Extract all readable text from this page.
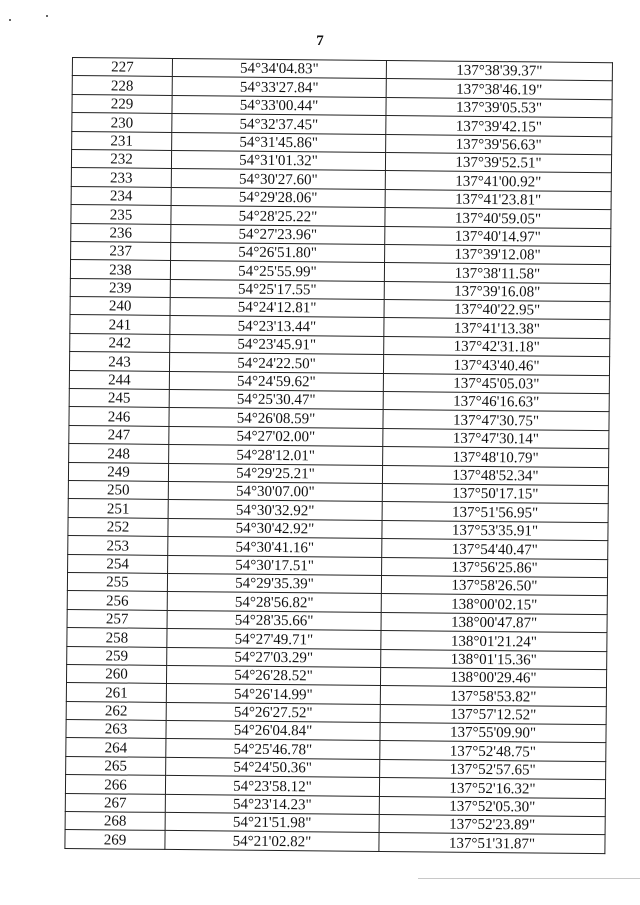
7
227	54°34'04.83"	137°38'39.37"
228	54°33'27.84"	137°38'46.19"
229	54°33'00.44"	137°39'05.53"
230	54°32'37.45"	137°39'42.15"
231	54°31'45.86"	137°39'56.63"
232	54°31'01.32"	137°39'52.51"
233	54°30'27.60"	137°41'00.92"
234	54°29'28.06"	137°41'23.81"
235	54°28'25.22"	137°40'59.05"
236	54°27'23.96"	137°40'14.97"
237	54°26'51.80"	137°39'12.08"
238	54°25'55.99"	137°38'11.58"
239	54°25'17.55"	137°39'16.08"
240	54°24'12.81"	137°40'22.95"
241	54°23'13.44"	137°41'13.38"
242	54°23'45.91"	137°42'31.18"
243	54°24'22.50"	137°43'40.46"
244	54°24'59.62"	137°45'05.03"
245	54°25'30.47"	137°46'16.63"
246	54°26'08.59"	137°47'30.75"
247	54°27'02.00"	137°47'30.14"
248	54°28'12.01"	137°48'10.79"
249	54°29'25.21"	137°48'52.34"
250	54°30'07.00"	137°50'17.15"
251	54°30'32.92"	137°51'56.95"
252	54°30'42.92"	137°53'35.91"
253	54°30'41.16"	137°54'40.47"
254	54°30'17.51"	137°56'25.86"
255	54°29'35.39"	137°58'26.50"
256	54°28'56.82"	138°00'02.15"
257	54°28'35.66"	138°00'47.87"
258	54°27'49.71"	138°01'21.24"
259	54°27'03.29"	138°01'15.36"
260	54°26'28.52"	138°00'29.46"
261	54°26'14.99"	137°58'53.82"
262	54°26'27.52"	137°57'12.52"
263	54°26'04.84"	137°55'09.90"
264	54°25'46.78"	137°52'48.75"
265	54°24'50.36"	137°52'57.65"
266	54°23'58.12"	137°52'16.32"
267	54°23'14.23"	137°52'05.30"
268	54°21'51.98"	137°52'23.89"
269	54°21'02.82"	137°51'31.87"
